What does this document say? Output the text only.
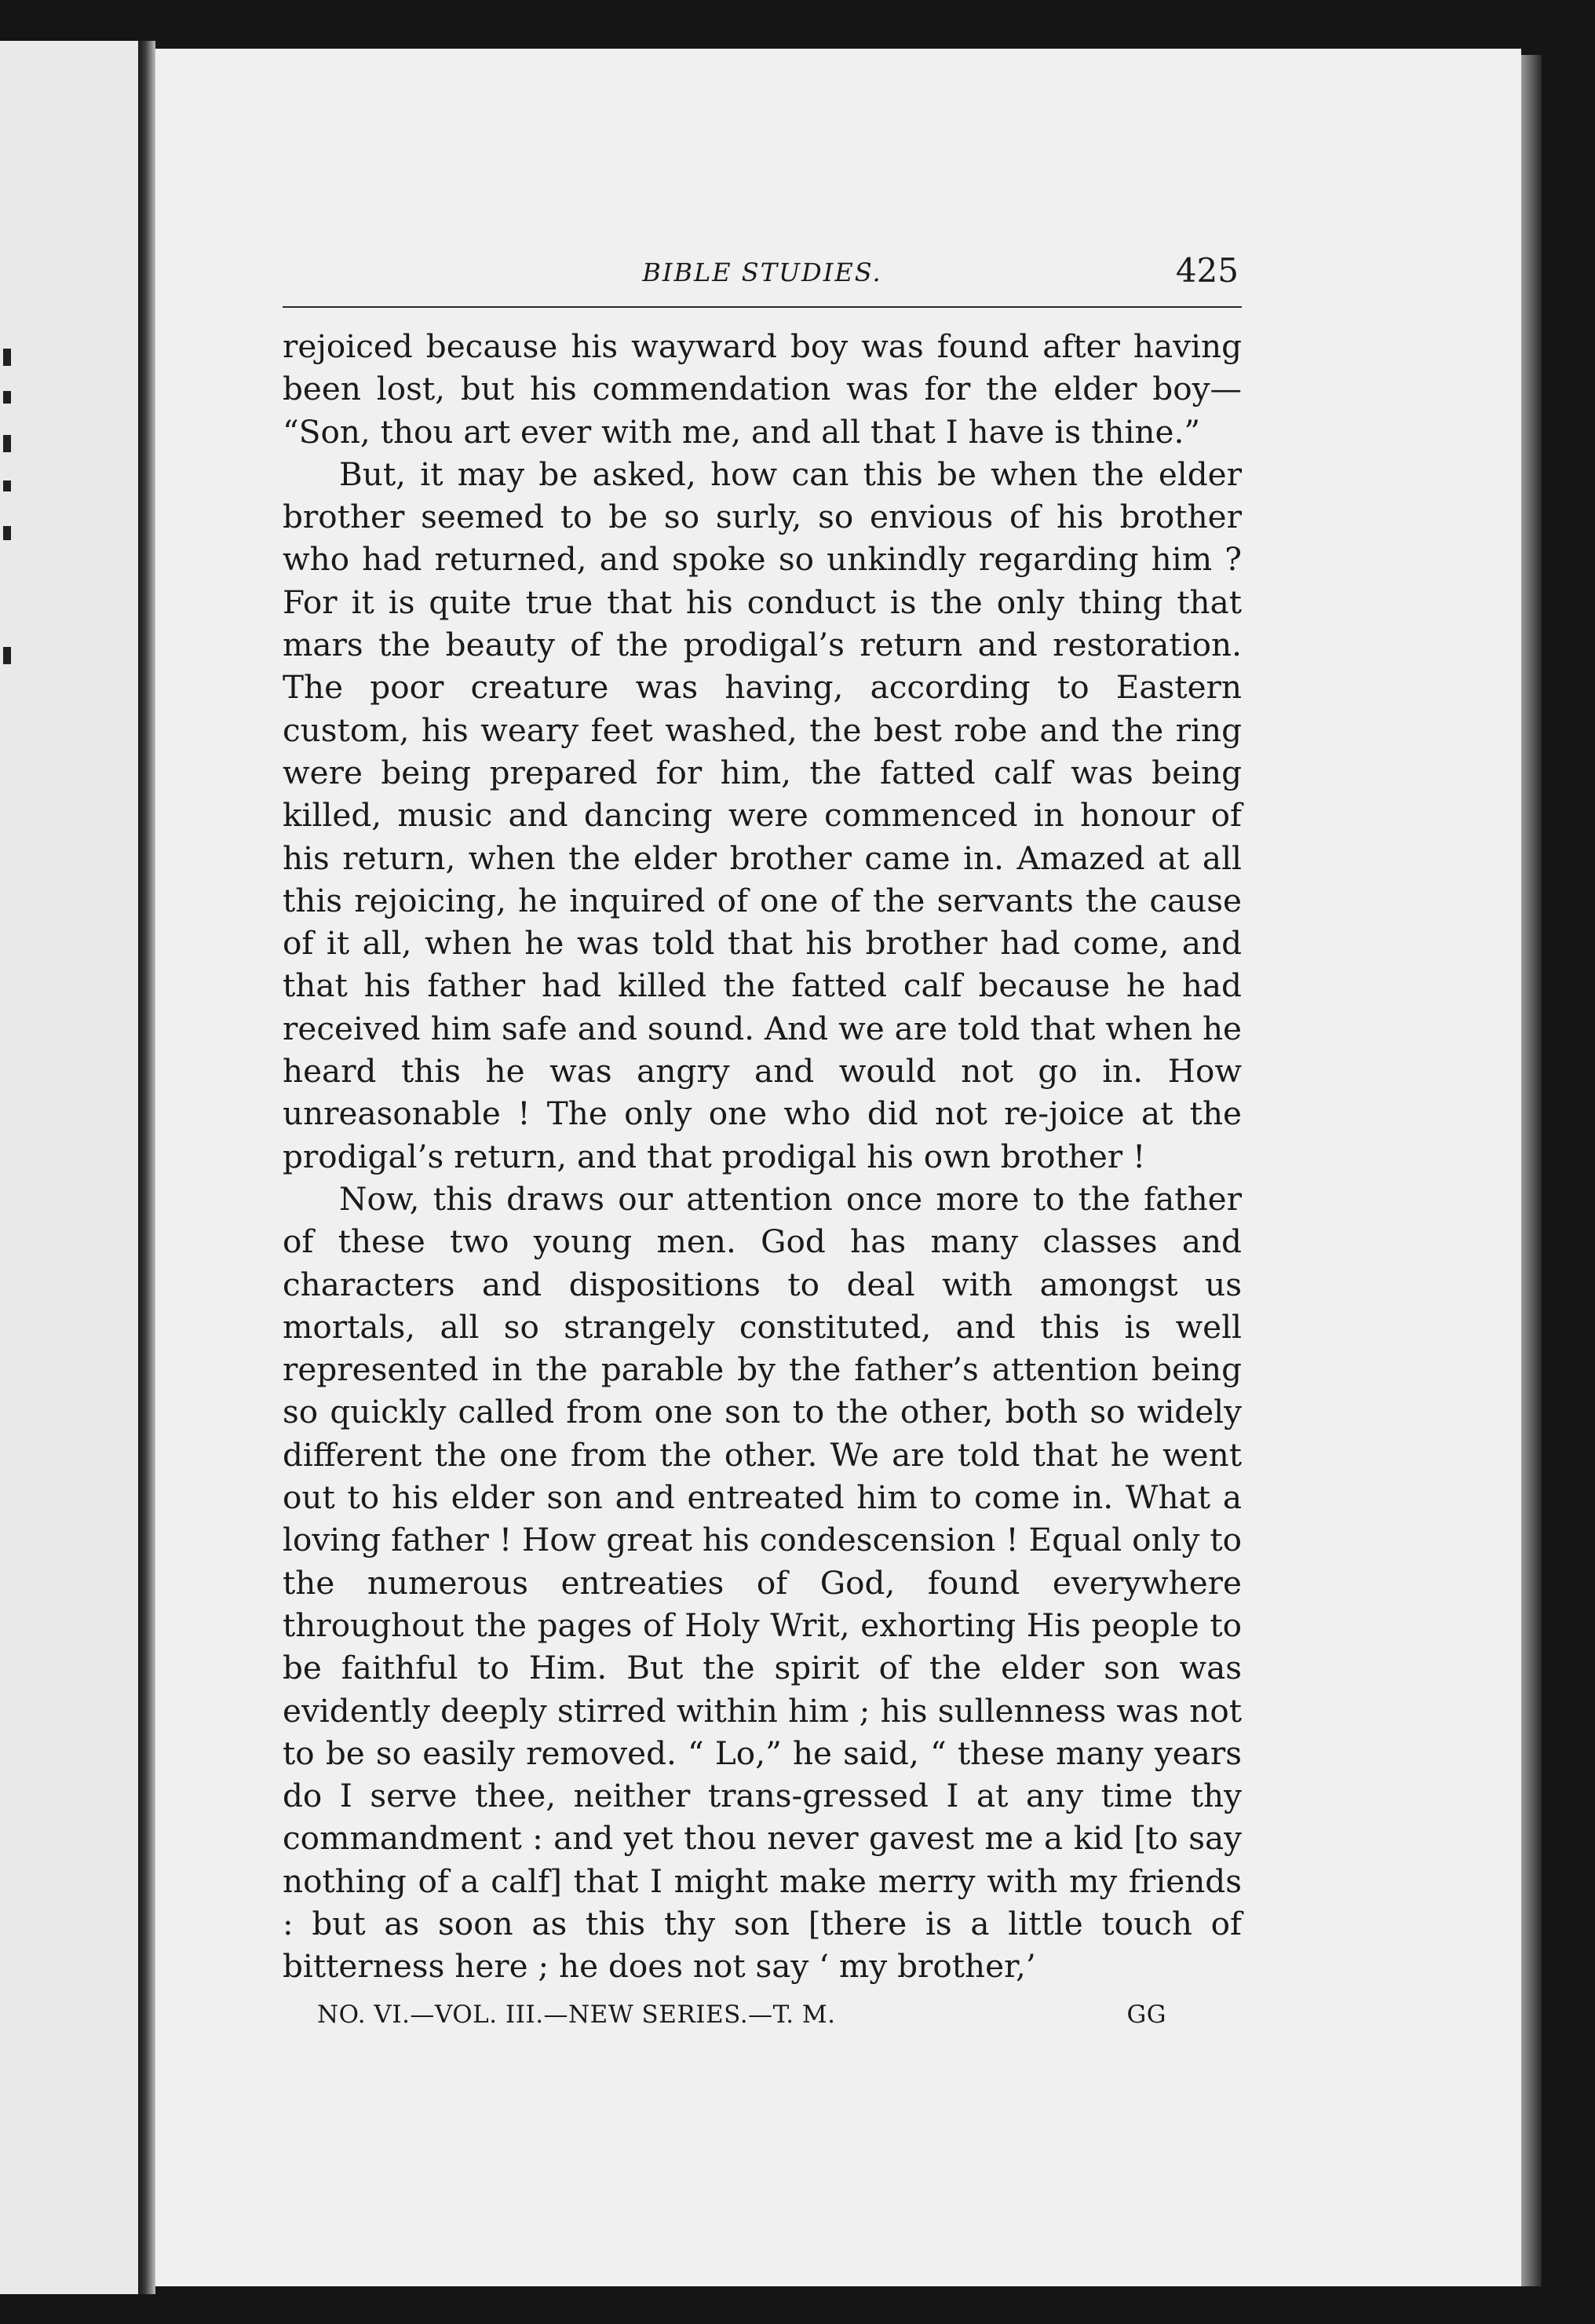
BIBLE STUDIES.	425

rejoiced because his wayward boy was found after having been lost, but his commendation was for the elder boy— “Son, thou art ever with me, and all that I have is thine.”

But, it may be asked, how can this be when the elder brother seemed to be so surly, so envious of his brother who had returned, and spoke so unkindly regarding him ? For it is quite true that his conduct is the only thing that mars the beauty of the prodigal’s return and restoration. The poor creature was having, according to Eastern custom, his weary feet washed, the best robe and the ring were being prepared for him, the fatted calf was being killed, music and dancing were commenced in honour of his return, when the elder brother came in. Amazed at all this rejoicing, he inquired of one of the servants the cause of it all, when he was told that his brother had come, and that his father had killed the fatted calf because he had received him safe and sound. And we are told that when he heard this he was angry and would not go in. How unreasonable ! The only one who did not re-joice at the prodigal’s return, and that prodigal his own brother !

Now, this draws our attention once more to the father of these two young men. God has many classes and characters and dispositions to deal with amongst us mortals, all so strangely constituted, and this is well represented in the parable by the father’s attention being so quickly called from one son to the other, both so widely different the one from the other. We are told that he went out to his elder son and entreated him to come in. What a loving father ! How great his condescension ! Equal only to the numerous entreaties of God, found everywhere throughout the pages of Holy Writ, exhorting His people to be faithful to Him. But the spirit of the elder son was evidently deeply stirred within him ; his sullenness was not to be so easily removed. “ Lo,” he said, “ these many years do I serve thee, neither trans-gressed I at any time thy commandment : and yet thou never gavest me a kid [to say nothing of a calf] that I might make merry with my friends : but as soon as this thy son [there is a little touch of bitterness here ; he does not say ‘ my brother,’

NO. VI.—VOL. III.—NEW SERIES.—T. M.	GG
